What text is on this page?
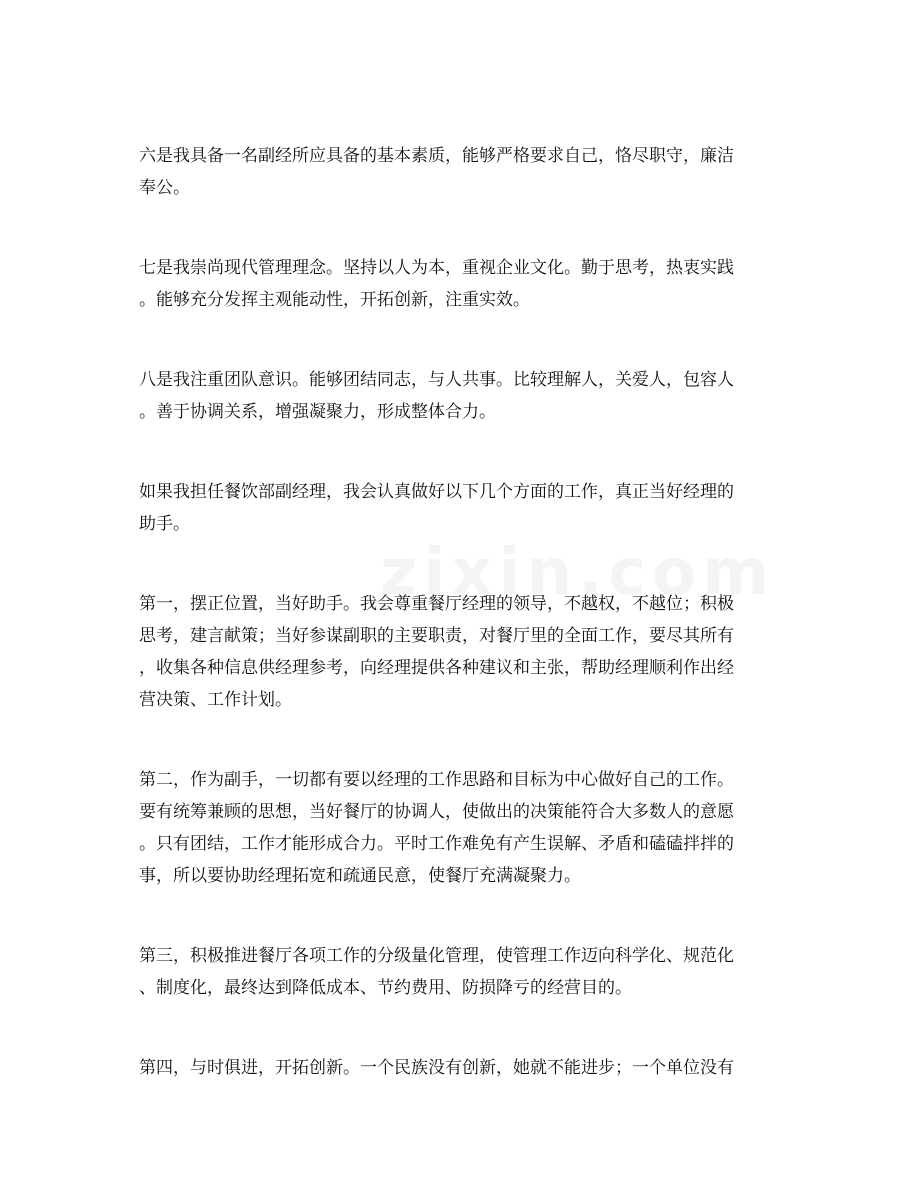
六是我具备一名副经所应具备的基本素质，能够严格要求自己，恪尽职守，廉洁
奉公。

七是我崇尚现代管理理念。坚持以人为本，重视企业文化。勤于思考，热衷实践
。能够充分发挥主观能动性，开拓创新，注重实效。

八是我注重团队意识。能够团结同志，与人共事。比较理解人，关爱人，包容人
。善于协调关系，增强凝聚力，形成整体合力。

如果我担任餐饮部副经理，我会认真做好以下几个方面的工作，真正当好经理的
助手。

第一，摆正位置，当好助手。我会尊重餐厅经理的领导，不越权，不越位；积极
思考，建言献策；当好参谋副职的主要职责，对餐厅里的全面工作，要尽其所有
，收集各种信息供经理参考，向经理提供各种建议和主张，帮助经理顺利作出经
营决策、工作计划。

第二，作为副手，一切都有要以经理的工作思路和目标为中心做好自己的工作。
要有统筹兼顾的思想，当好餐厅的协调人，使做出的决策能符合大多数人的意愿
。只有团结，工作才能形成合力。平时工作难免有产生误解、矛盾和磕磕拌拌的
事，所以要协助经理拓宽和疏通民意，使餐厅充满凝聚力。

第三，积极推进餐厅各项工作的分级量化管理，使管理工作迈向科学化、规范化
、制度化，最终达到降低成本、节约费用、防损降亏的经营目的。

第四，与时俱进，开拓创新。一个民族没有创新，她就不能进步；一个单位没有
